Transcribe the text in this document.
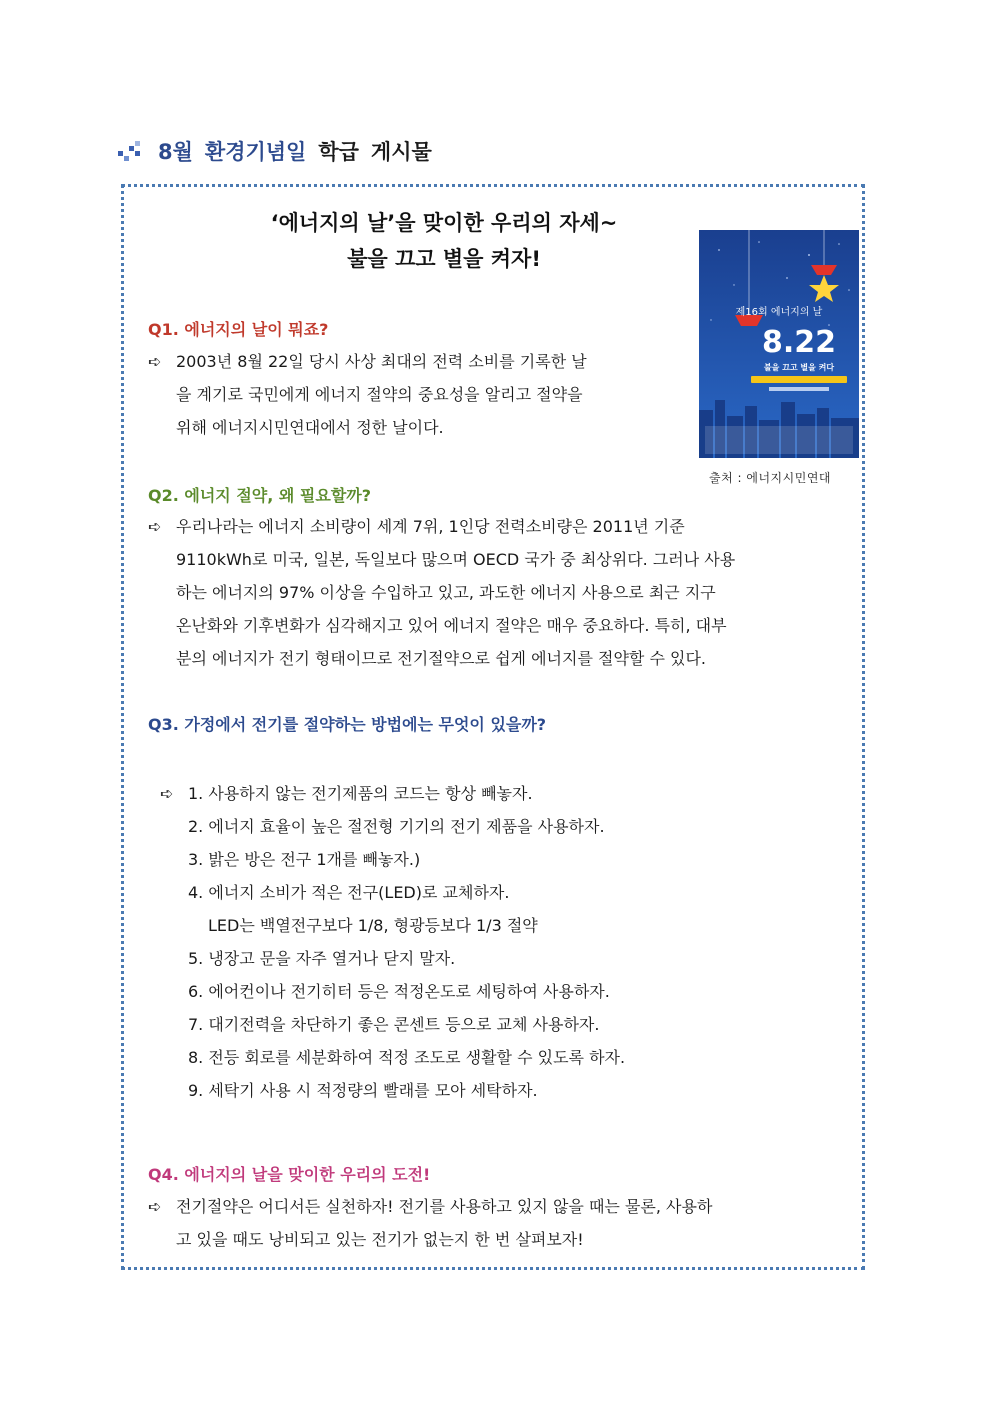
8월 환경기념일 학급 게시물
‘에너지의 날’을 맞이한 우리의 자세~
불을 끄고 별을 켜자!
제16회 에너지의 날
8.22
불을 끄고 별을 켜다
출처 : 에너지시민연대
Q1. 에너지의 날이 뭐죠?
➪ 2003년 8월 22일 당시 사상 최대의 전력 소비를 기록한 날
을 계기로 국민에게 에너지 절약의 중요성을 알리고 절약을
위해 에너지시민연대에서 정한 날이다.
Q2. 에너지 절약, 왜 필요할까?
➪ 우리나라는 에너지 소비량이 세계 7위, 1인당 전력소비량은 2011년 기준
9110kWh로 미국, 일본, 독일보다 많으며 OECD 국가 중 최상위다. 그러나 사용
하는 에너지의 97% 이상을 수입하고 있고, 과도한 에너지 사용으로 최근 지구
온난화와 기후변화가 심각해지고 있어 에너지 절약은 매우 중요하다. 특히, 대부
분의 에너지가 전기 형태이므로 전기절약으로 쉽게 에너지를 절약할 수 있다.
Q3. 가정에서 전기를 절약하는 방법에는 무엇이 있을까?
➪ 1. 사용하지 않는 전기제품의 코드는 항상 빼놓자.
2. 에너지 효율이 높은 절전형 기기의 전기 제품을 사용하자.
3. 밝은 방은 전구 1개를 빼놓자.)
4. 에너지 소비가 적은 전구(LED)로 교체하자.
LED는 백열전구보다 1/8, 형광등보다 1/3 절약
5. 냉장고 문을 자주 열거나 닫지 말자.
6. 에어컨이나 전기히터 등은 적정온도로 세팅하여 사용하자.
7. 대기전력을 차단하기 좋은 콘센트 등으로 교체 사용하자.
8. 전등 회로를 세분화하여 적정 조도로 생활할 수 있도록 하자.
9. 세탁기 사용 시 적정량의 빨래를 모아 세탁하자.
Q4. 에너지의 날을 맞이한 우리의 도전!
➪ 전기절약은 어디서든 실천하자! 전기를 사용하고 있지 않을 때는 물론, 사용하
고 있을 때도 낭비되고 있는 전기가 없는지 한 번 살펴보자!
